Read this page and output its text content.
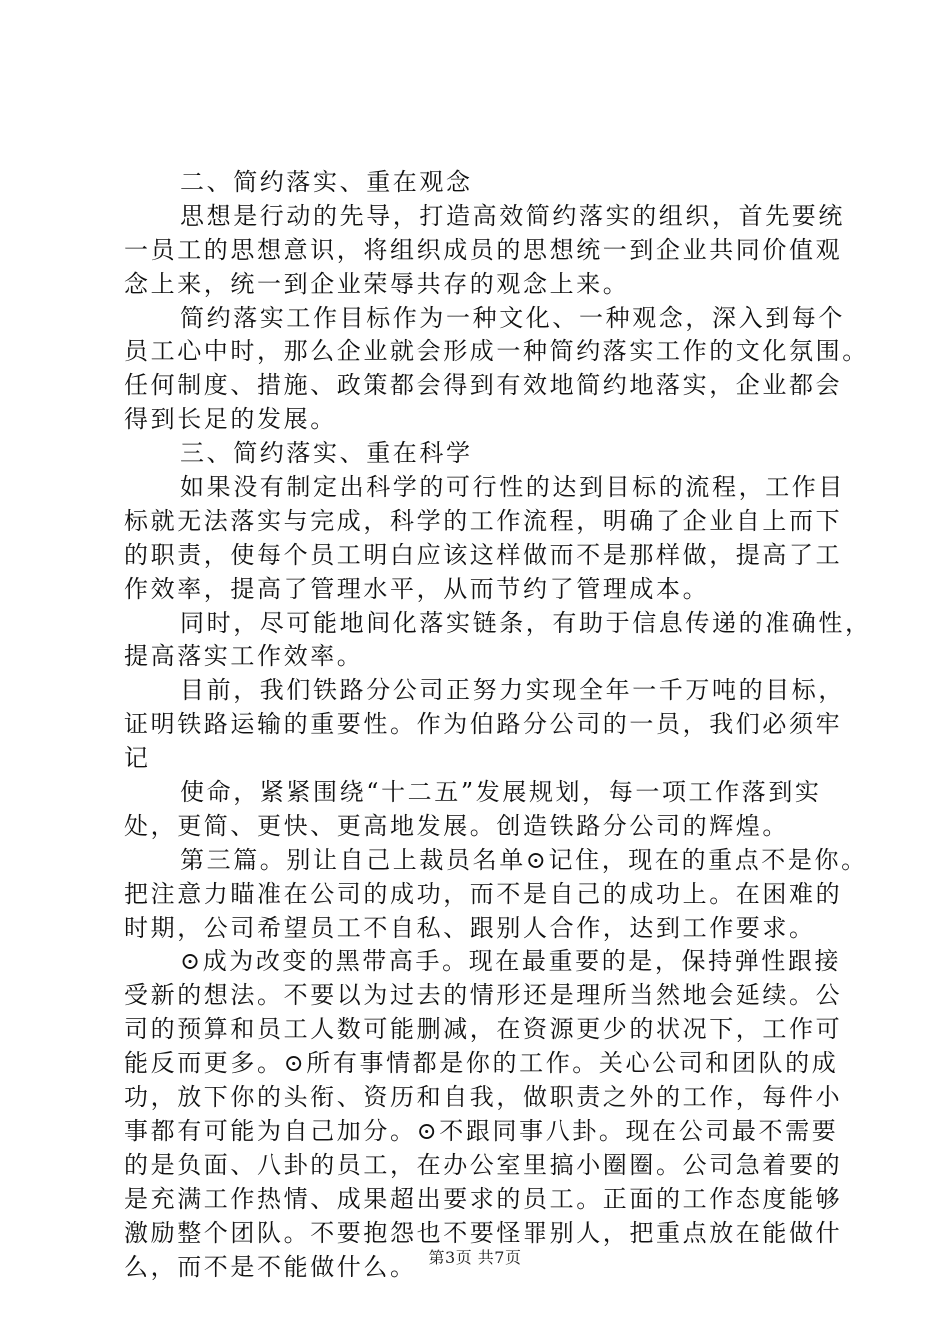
二、简约落实、重在观念
思想是行动的先导，打造高效简约落实的组织，首先要统
一员工的思想意识，将组织成员的思想统一到企业共同价值观
念上来，统一到企业荣辱共存的观念上来。
简约落实工作目标作为一种文化、一种观念，深入到每个
员工心中时，那么企业就会形成一种简约落实工作的文化氛围。
任何制度、措施、政策都会得到有效地简约地落实，企业都会
得到长足的发展。
三、简约落实、重在科学
如果没有制定出科学的可行性的达到目标的流程，工作目
标就无法落实与完成，科学的工作流程，明确了企业自上而下
的职责，使每个员工明白应该这样做而不是那样做，提高了工
作效率，提高了管理水平，从而节约了管理成本。
同时，尽可能地间化落实链条，有助于信息传递的准确性，
提高落实工作效率。
目前，我们铁路分公司正努力实现全年一千万吨的目标，
证明铁路运输的重要性。作为伯路分公司的一员，我们必须牢
记
使命，紧紧围绕“十二五”发展规划，每一项工作落到实
处，更简、更快、更高地发展。创造铁路分公司的辉煌。
第三篇。别让自己上裁员名单⊙记住，现在的重点不是你。
把注意力瞄准在公司的成功，而不是自己的成功上。在困难的
时期，公司希望员工不自私、跟别人合作，达到工作要求。
⊙成为改变的黑带高手。现在最重要的是，保持弹性跟接
受新的想法。不要以为过去的情形还是理所当然地会延续。公
司的预算和员工人数可能删减，在资源更少的状况下，工作可
能反而更多。⊙所有事情都是你的工作。关心公司和团队的成
功，放下你的头衔、资历和自我，做职责之外的工作，每件小
事都有可能为自己加分。⊙不跟同事八卦。现在公司最不需要
的是负面、八卦的员工，在办公室里搞小圈圈。公司急着要的
是充满工作热情、成果超出要求的员工。正面的工作态度能够
激励整个团队。不要抱怨也不要怪罪别人，把重点放在能做什
么，而不是不能做什么。 第3页 共7页
